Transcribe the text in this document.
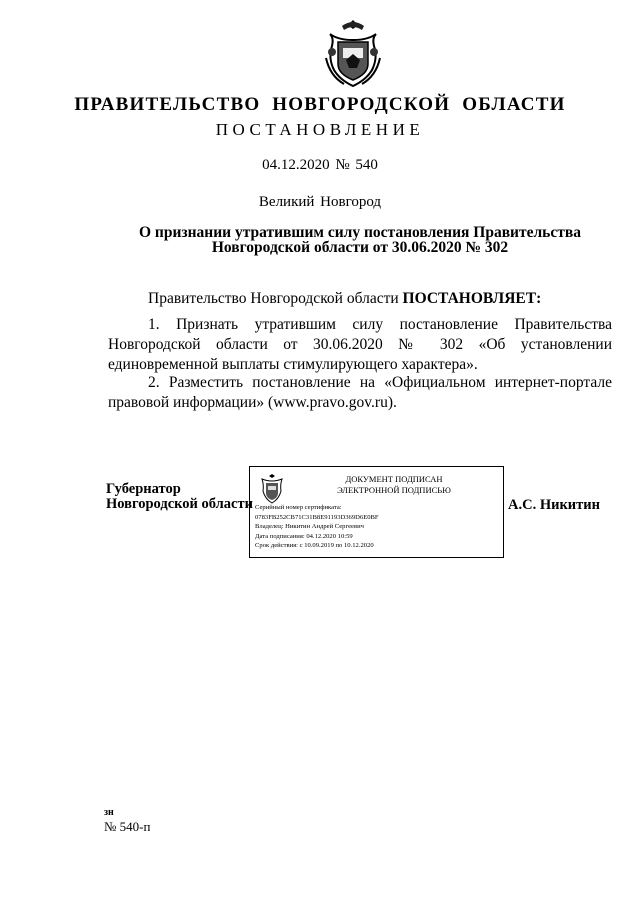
ПРАВИТЕЛЬСТВО НОВГОРОДСКОЙ ОБЛАСТИ
ПОСТАНОВЛЕНИЕ
04.12.2020 № 540
Великий Новгород
О признании утратившим силу постановления Правительства Новгородской области от 30.06.2020 № 302
Правительство Новгородской области ПОСТАНОВЛЯЕТ:
1. Признать утратившим силу постановление Правительства Новгородской области от 30.06.2020 № 302 «Об установлении единовременной выплаты стимулирующего характера».
2. Разместить постановление на «Официальном интернет-портале правовой информации» (www.pravo.gov.ru).
Губернатор
Новгородской области
ДОКУМЕНТ ПОДПИСАН
ЭЛЕКТРОННОЙ ПОДПИСЬЮ
Серийный номер сертификата:
0783FB252CB71C31B8E91193D369D6E0BF
Владелец: Никитин Андрей Сергеевич
Дата подписания: 04.12.2020 10:59
Срок действия: с 10.09.2019 по 10.12.2020
А.С. Никитин
зн
№ 540-п
